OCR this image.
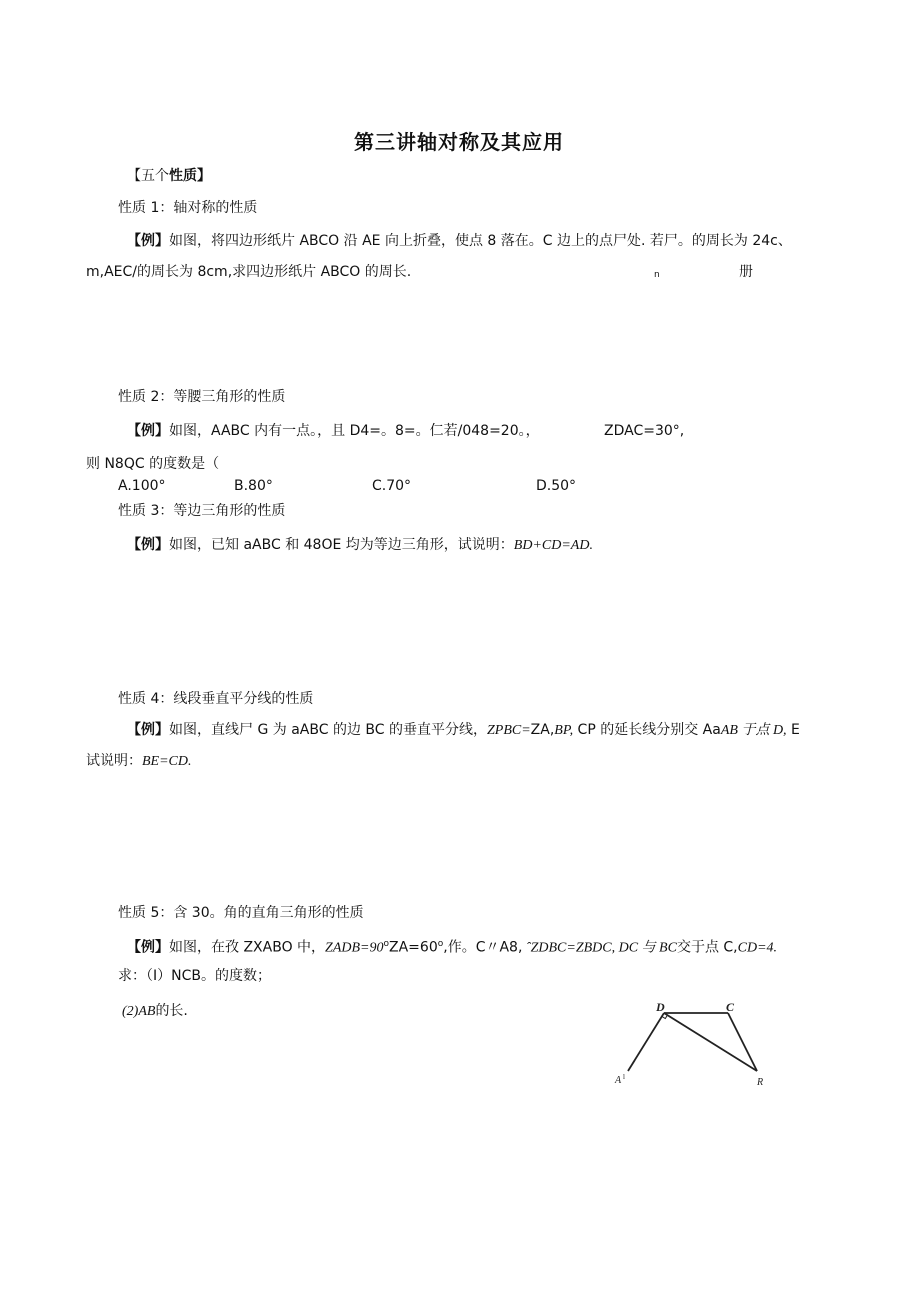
第三讲轴对称及其应用
【五个性质】
性质 1：轴对称的性质
【例】如图，将四边形纸片 ABCO 沿 AE 向上折叠，使点 8 落在。C 边上的点尸处. 若尸。的周长为 24c、
m,AEC/的周长为 8cm,求四边形纸片 ABCO 的周长.	n	册
性质 2：等腰三角形的性质
【例】如图，AABC 内有一点。，且 D4=。8=。仁若/048=20。，	ZDAC=30°,
则 N8QC 的度数是（
A.100°	B.80°	C.70°	D.50°
性质 3：等边三角形的性质
【例】如图，已知 aABC 和 48OE 均为等边三角形，试说明：BD+CD=AD.
性质 4：线段垂直平分线的性质
【例】如图，直线尸 G 为 aABC 的边 BC 的垂直平分线，ZPBC=ZA,BP, CP 的延长线分别交 AaAB 于点 D, E
试说明：BE=CD.
性质 5：含 30。角的直角三角形的性质
【例】如图，在孜 ZXABO 中，$ZADB=90^oZA=60^o$,作。C〃A8, ˆZDBC=ZBDC, DC 与 BC交于点 C,CD=4.
求：（I）NCB。的度数；
(2)AB的长.	D	C
A l	R
